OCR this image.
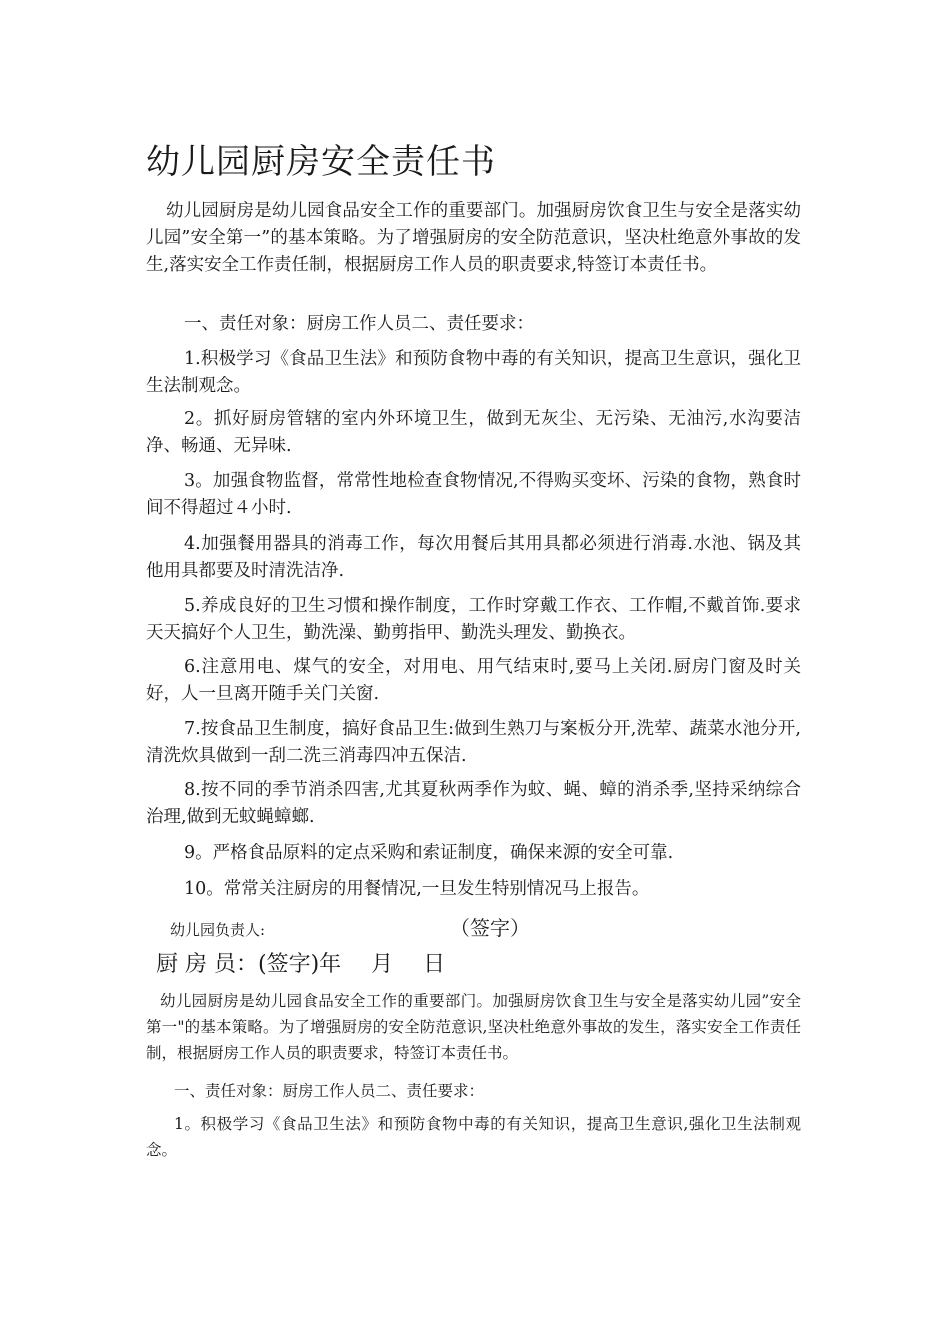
幼儿园厨房安全责任书
幼儿园厨房是幼儿园食品安全工作的重要部门。加强厨房饮食卫生与安全是落实幼儿园”安全第一”的基本策略。为了增强厨房的安全防范意识，坚决杜绝意外事故的发生,落实安全工作责任制，根据厨房工作人员的职责要求,特签订本责任书。
一、责任对象：厨房工作人员二、责任要求：
1.积极学习《食品卫生法》和预防食物中毒的有关知识，提高卫生意识，强化卫生法制观念。
2。抓好厨房管辖的室内外环境卫生，做到无灰尘、无污染、无油污,水沟要洁净、畅通、无异味.
3。加强食物监督，常常性地检查食物情况,不得购买变坏、污染的食物，熟食时间不得超过４小时.
4.加强餐用器具的消毒工作，每次用餐后其用具都必须进行消毒.水池、锅及其他用具都要及时清洗洁净.
5.养成良好的卫生习惯和操作制度，工作时穿戴工作衣、工作帽,不戴首饰.要求天天搞好个人卫生，勤洗澡、勤剪指甲、勤洗头理发、勤换衣。
6.注意用电、煤气的安全，对用电、用气结束时,要马上关闭.厨房门窗及时关好，人一旦离开随手关门关窗.
7.按食品卫生制度，搞好食品卫生:做到生熟刀与案板分开,洗荤、蔬菜水池分开,清洗炊具做到一刮二洗三消毒四冲五保洁.
8.按不同的季节消杀四害,尤其夏秋两季作为蚊、蝇、蟑的消杀季,坚持采纳综合治理,做到无蚊蝇蟑螂.
9。严格食品原料的定点采购和索证制度，确保来源的安全可靠.
10。常常关注厨房的用餐情况,一旦发生特别情况马上报告。
幼儿园负责人:	（签字）
厨 房 员：(签字)年 月 日
幼儿园厨房是幼儿园食品安全工作的重要部门。加强厨房饮食卫生与安全是落实幼儿园”安全第一"的基本策略。为了增强厨房的安全防范意识,坚决杜绝意外事故的发生，落实安全工作责任制，根据厨房工作人员的职责要求，特签订本责任书。
一、责任对象：厨房工作人员二、责任要求：
1。积极学习《食品卫生法》和预防食物中毒的有关知识，提高卫生意识,强化卫生法制观念。
